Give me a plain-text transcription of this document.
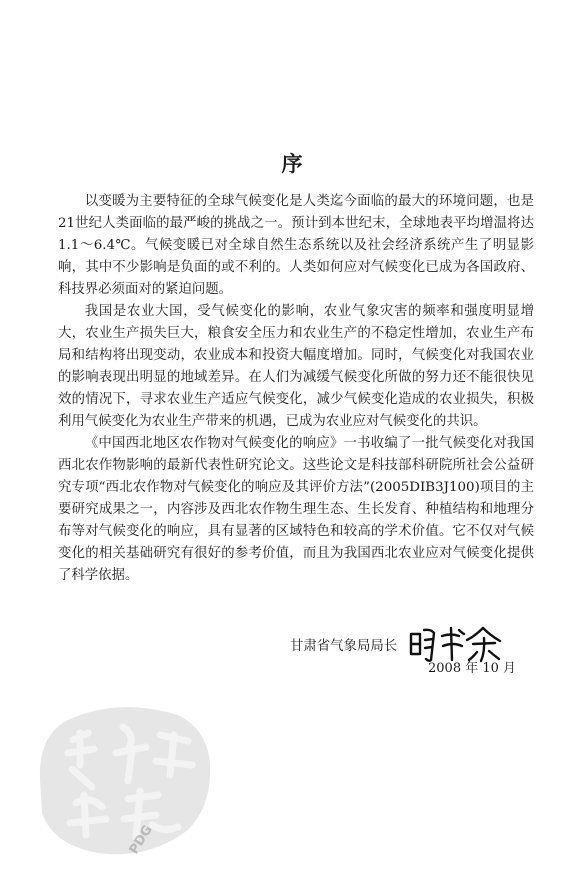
序

以变暖为主要特征的全球气候变化是人类迄今面临的最大的环境问题，也是21世纪人类面临的最严峻的挑战之一。预计到本世纪末，全球地表平均增温将达1.1～6.4℃。气候变暖已对全球自然生态系统以及社会经济系统产生了明显影响，其中不少影响是负面的或不利的。人类如何应对气候变化已成为各国政府、科技界必须面对的紧迫问题。

我国是农业大国，受气候变化的影响，农业气象灾害的频率和强度明显增大，农业生产损失巨大，粮食安全压力和农业生产的不稳定性增加，农业生产布局和结构将出现变动，农业成本和投资大幅度增加。同时，气候变化对我国农业的影响表现出明显的地域差异。在人们为减缓气候变化所做的努力还不能很快见效的情况下，寻求农业生产适应气候变化，减少气候变化造成的农业损失，积极利用气候变化为农业生产带来的机遇，已成为农业应对气候变化的共识。

《中国西北地区农作物对气候变化的响应》一书收编了一批气候变化对我国西北农作物影响的最新代表性研究论文。这些论文是科技部科研院所社会公益研究专项“西北农作物对气候变化的响应及其评价方法”(2005DIB3J100)项目的主要研究成果之一，内容涉及西北农作物生理生态、生长发育、种植结构和地理分布等对气候变化的响应，具有显著的区域特色和较高的学术价值。它不仅对气候变化的相关基础研究有很好的参考价值，而且为我国西北农业应对气候变化提供了科学依据。

甘肃省气象局局长
2008 年 10 月
PDG
